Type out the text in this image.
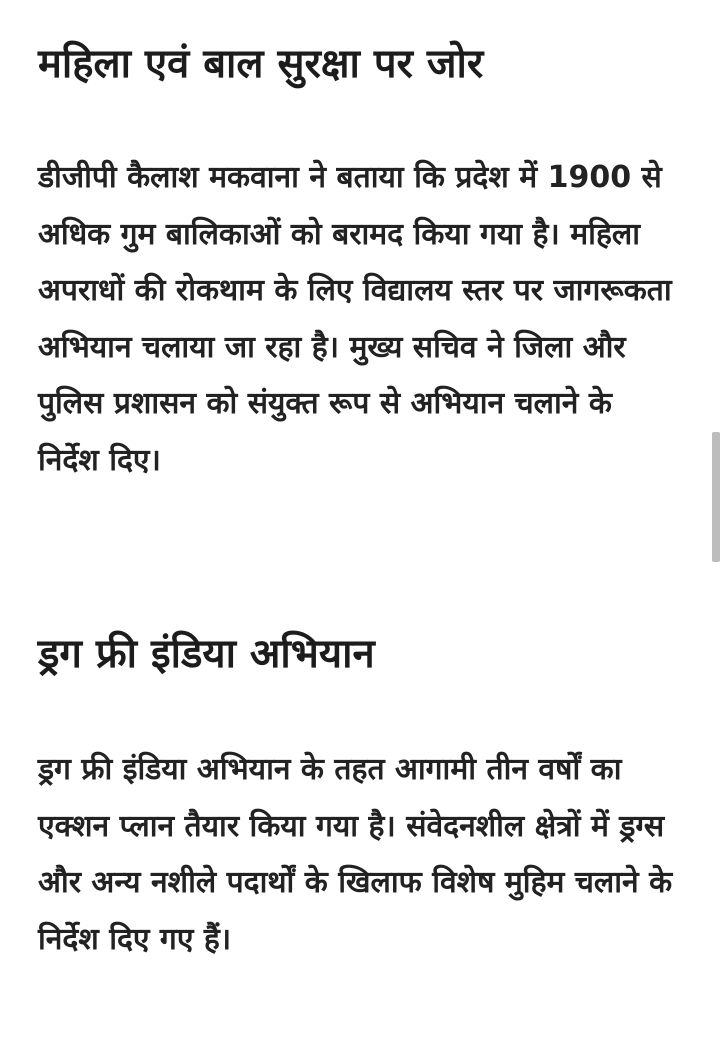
महिला एवं बाल सुरक्षा पर जोर

डीजीपी कैलाश मकवाना ने बताया कि प्रदेश में 1900 से अधिक गुम बालिकाओं को बरामद किया गया है। महिला अपराधों की रोकथाम के लिए विद्यालय स्तर पर जागरूकता अभियान चलाया जा रहा है। मुख्य सचिव ने जिला और पुलिस प्रशासन को संयुक्त रूप से अभियान चलाने के निर्देश दिए।

ड्रग फ्री इंडिया अभियान

ड्रग फ्री इंडिया अभियान के तहत आगामी तीन वर्षों का एक्शन प्लान तैयार किया गया है। संवेदनशील क्षेत्रों में ड्रग्स और अन्य नशीले पदार्थों के खिलाफ विशेष मुहिम चलाने के निर्देश दिए गए हैं।
